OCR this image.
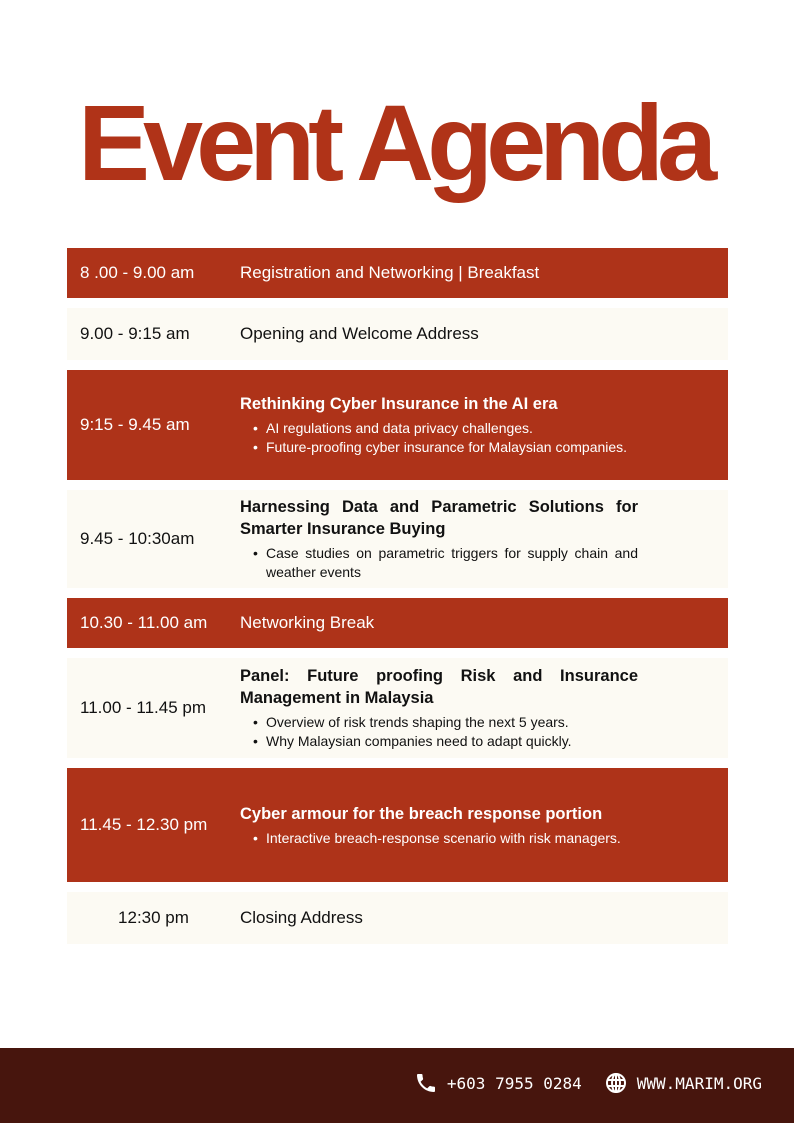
Event Agenda
8 .00 - 9.00 am	Registration and Networking | Breakfast
9.00 - 9:15 am	Opening and Welcome Address
9:15 - 9.45 am
Rethinking Cyber Insurance in the AI era
• AI regulations and data privacy challenges.
• Future-proofing cyber insurance for Malaysian companies.
9.45 - 10:30am
Harnessing Data and Parametric Solutions for Smarter Insurance Buying
• Case studies on parametric triggers for supply chain and weather events
10.30 - 11.00 am	Networking Break
11.00 - 11.45 pm
Panel: Future proofing Risk and Insurance Management in Malaysia
• Overview of risk trends shaping the next 5 years.
• Why Malaysian companies need to adapt quickly.
11.45 - 12.30 pm
Cyber armour for the breach response portion
• Interactive breach-response scenario with risk managers.
12:30 pm	Closing Address
+603 7955 0284	WWW.MARIM.ORG
